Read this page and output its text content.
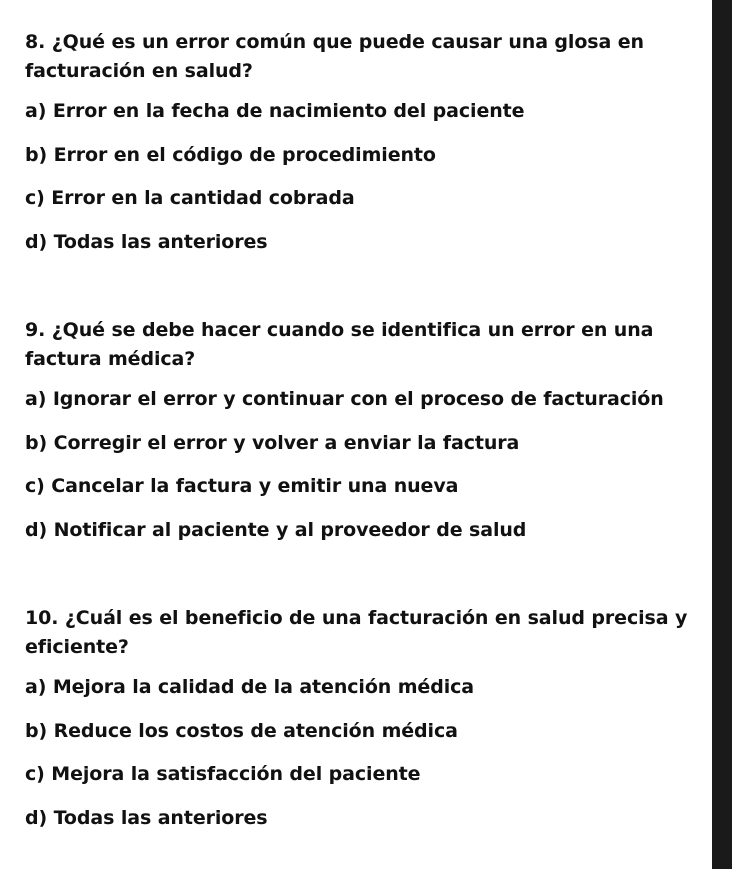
8. ¿Qué es un error común que puede causar una glosa en facturación en salud?

a) Error en la fecha de nacimiento del paciente

b) Error en el código de procedimiento

c) Error en la cantidad cobrada

d) Todas las anteriores

9. ¿Qué se debe hacer cuando se identifica un error en una factura médica?

a) Ignorar el error y continuar con el proceso de facturación

b) Corregir el error y volver a enviar la factura

c) Cancelar la factura y emitir una nueva

d) Notificar al paciente y al proveedor de salud

10. ¿Cuál es el beneficio de una facturación en salud precisa y eficiente?

a) Mejora la calidad de la atención médica

b) Reduce los costos de atención médica

c) Mejora la satisfacción del paciente

d) Todas las anteriores
